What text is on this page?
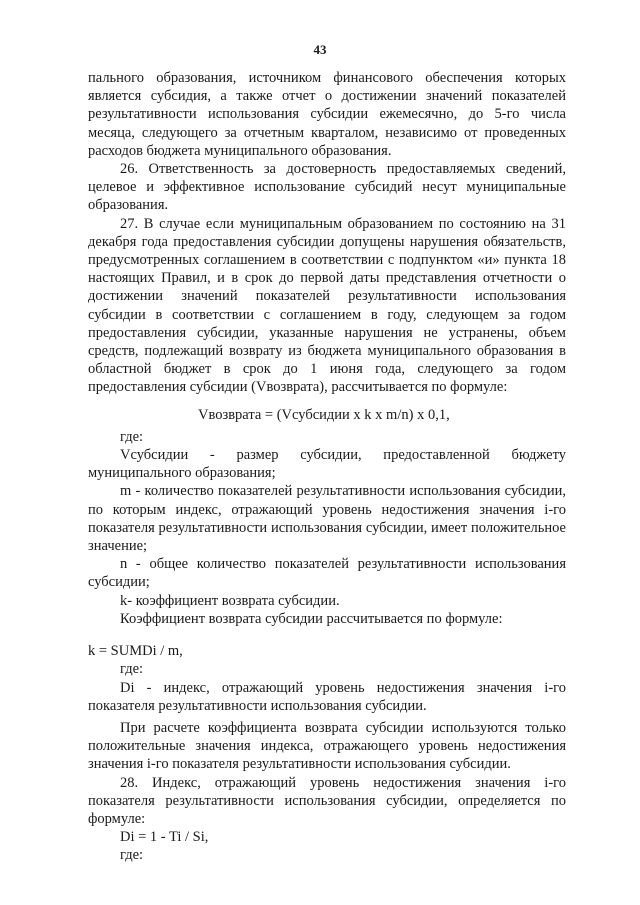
43

пального образования, источником финансового обеспечения которых является субсидия, а также отчет о достижении значений показателей результативности использования субсидии ежемесячно, до 5-го числа месяца, следующего за отчетным кварталом, независимо от проведенных расходов бюджета муниципального образования.

26. Ответственность за достоверность предоставляемых сведений, целевое и эффективное использование субсидий несут муниципальные образования.

27. В случае если муниципальным образованием по состоянию на 31 декабря года предоставления субсидии допущены нарушения обязательств, предусмотренных соглашением в соответствии с подпунктом «и» пункта 18 настоящих Правил, и в срок до первой даты представления отчетности о достижении значений показателей результативности использования субсидии в соответствии с соглашением в году, следующем за годом предоставления субсидии, указанные нарушения не устранены, объем средств, подлежащий возврату из бюджета муниципального образования в областной бюджет в срок до 1 июня года, следующего за годом предоставления субсидии (Vвозврата), рассчитывается по формуле:

Vвозврата = (Vсубсидии x k x m/n) x 0,1,

где:

Vсубсидии - размер субсидии, предоставленной бюджету муниципального образования;

m - количество показателей результативности использования субсидии, по которым индекс, отражающий уровень недостижения значения i-го показателя результативности использования субсидии, имеет положительное значение;

n - общее количество показателей результативности использования субсидии;

k- коэффициент возврата субсидии.

Коэффициент возврата субсидии рассчитывается по формуле:

k = SUMDi / m,

где:

Di - индекс, отражающий уровень недостижения значения i-го показателя результативности использования субсидии.

При расчете коэффициента возврата субсидии используются только положительные значения индекса, отражающего уровень недостижения значения i-го показателя результативности использования субсидии.

28. Индекс, отражающий уровень недостижения значения i-го показателя результативности использования субсидии, определяется по формуле:

Di = 1 - Ti / Si,

где:
